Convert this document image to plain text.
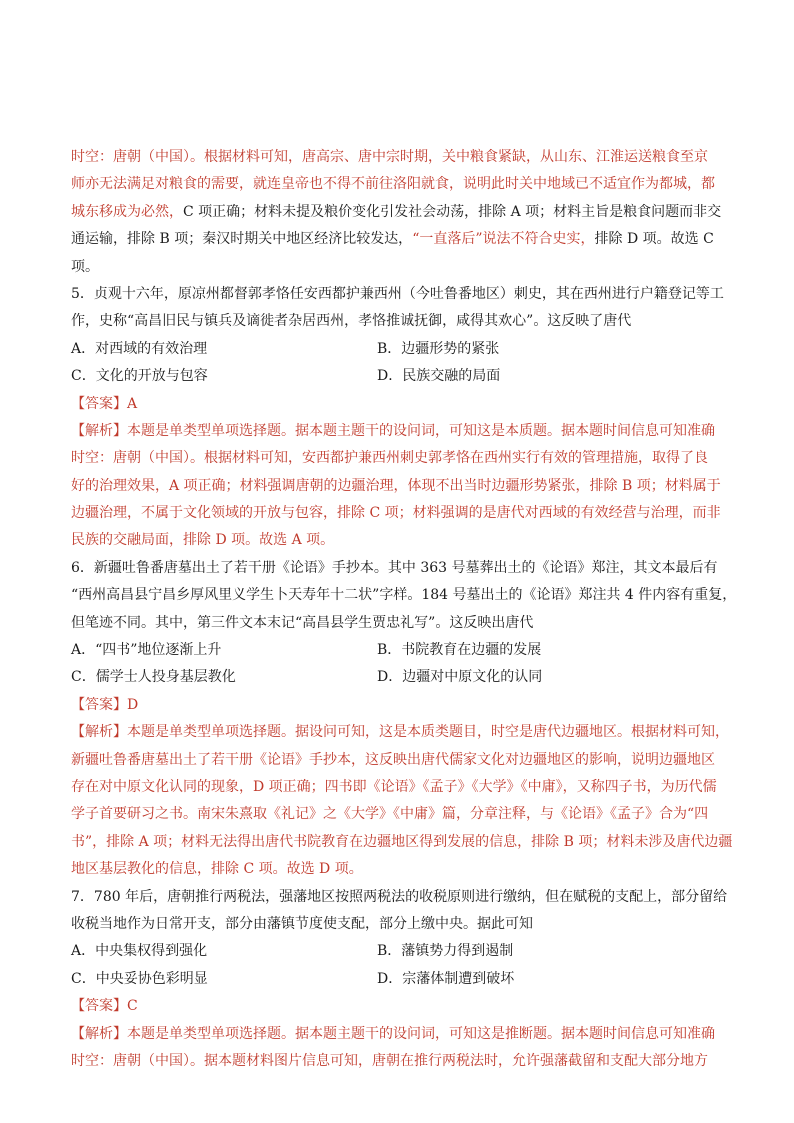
时空：唐朝（中国）。根据材料可知，唐高宗、唐中宗时期，关中粮食紧缺，从山东、江淮运送粮食至京
师亦无法满足对粮食的需要，就连皇帝也不得不前往洛阳就食，说明此时关中地域已不适宜作为都城，都
城东移成为必然，C 项正确；材料未提及粮价变化引发社会动荡，排除 A 项；材料主旨是粮食问题而非交
通运输，排除 B 项；秦汉时期关中地区经济比较发达，“一直落后”说法不符合史实，排除 D 项。故选 C
项。
5．贞观十六年，原凉州都督郭孝恪任安西都护兼西州（今吐鲁番地区）刺史，其在西州进行户籍登记等工
作，史称“高昌旧民与镇兵及谪徙者杂居西州，孝恪推诚抚御，咸得其欢心”。这反映了唐代
A．对西域的有效治理	B．边疆形势的紧张
C．文化的开放与包容	D．民族交融的局面
【答案】A
【解析】本题是单类型单项选择题。据本题主题干的设问词，可知这是本质题。据本题时间信息可知准确
时空：唐朝（中国）。根据材料可知，安西都护兼西州刺史郭孝恪在西州实行有效的管理措施，取得了良
好的治理效果，A 项正确；材料强调唐朝的边疆治理，体现不出当时边疆形势紧张，排除 B 项；材料属于
边疆治理，不属于文化领域的开放与包容，排除 C 项；材料强调的是唐代对西域的有效经营与治理，而非
民族的交融局面，排除 D 项。故选 A 项。
6．新疆吐鲁番唐墓出土了若干册《论语》手抄本。其中 363 号墓葬出土的《论语》郑注，其文本最后有
“西州高昌县宁昌乡厚风里义学生卜天寿年十二状”字样。184 号墓出土的《论语》郑注共 4 件内容有重复，
但笔迹不同。其中，第三件文本末记“高昌县学生贾忠礼写”。这反映出唐代
A．“四书”地位逐渐上升	B．书院教育在边疆的发展
C．儒学士人投身基层教化	D．边疆对中原文化的认同
【答案】D
【解析】本题是单类型单项选择题。据设问可知，这是本质类题目，时空是唐代边疆地区。根据材料可知，
新疆吐鲁番唐墓出土了若干册《论语》手抄本，这反映出唐代儒家文化对边疆地区的影响，说明边疆地区
存在对中原文化认同的现象，D 项正确；四书即《论语》《孟子》《大学》《中庸》，又称四子书，为历代儒
学子首要研习之书。南宋朱熹取《礼记》之《大学》《中庸》篇，分章注释，与《论语》《孟子》合为“四
书”，排除 A 项；材料无法得出唐代书院教育在边疆地区得到发展的信息，排除 B 项；材料未涉及唐代边疆
地区基层教化的信息，排除 C 项。故选 D 项。
7．780 年后，唐朝推行两税法，强藩地区按照两税法的收税原则进行缴纳，但在赋税的支配上，部分留给
收税当地作为日常开支，部分由藩镇节度使支配，部分上缴中央。据此可知
A．中央集权得到强化	B．藩镇势力得到遏制
C．中央妥协色彩明显	D．宗藩体制遭到破坏
【答案】C
【解析】本题是单类型单项选择题。据本题主题干的设问词，可知这是推断题。据本题时间信息可知准确
时空：唐朝（中国）。据本题材料图片信息可知，唐朝在推行两税法时，允许强藩截留和支配大部分地方
